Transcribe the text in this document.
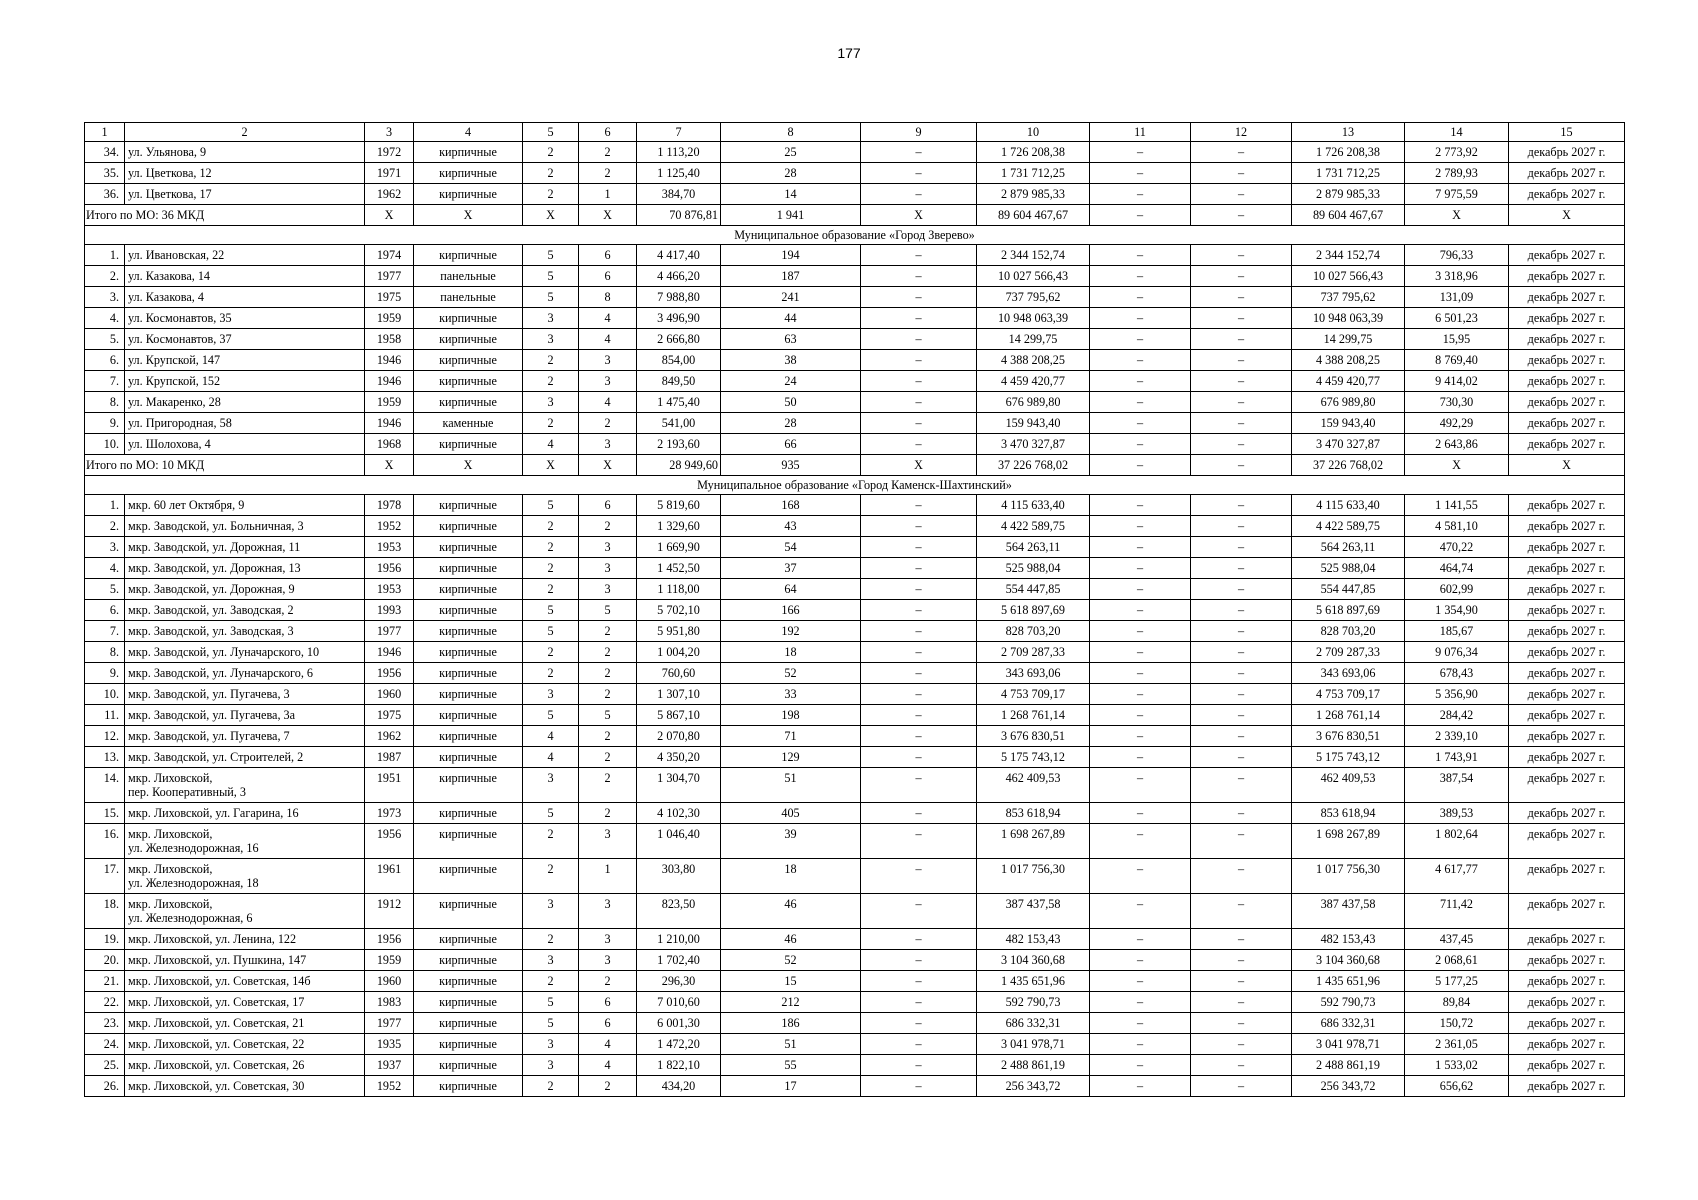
177
1	2	3	4	5	6	7	8	9	10	11	12	13	14	15
34.	ул. Ульянова, 9	1972	кирпичные	2	2	1 113,20	25	–	1 726 208,38	–	–	1 726 208,38	2 773,92	декабрь 2027 г.
35.	ул. Цветкова, 12	1971	кирпичные	2	2	1 125,40	28	–	1 731 712,25	–	–	1 731 712,25	2 789,93	декабрь 2027 г.
36.	ул. Цветкова, 17	1962	кирпичные	2	1	384,70	14	–	2 879 985,33	–	–	2 879 985,33	7 975,59	декабрь 2027 г.
Итого по МО: 36 МКД		X	X	X	X	70 876,81	1 941	X	89 604 467,67	–	–	89 604 467,67	X	X
Муниципальное образование «Город Зверево»														
1.	ул. Ивановская, 22	1974	кирпичные	5	6	4 417,40	194	–	2 344 152,74	–	–	2 344 152,74	796,33	декабрь 2027 г.
2.	ул. Казакова, 14	1977	панельные	5	6	4 466,20	187	–	10 027 566,43	–	–	10 027 566,43	3 318,96	декабрь 2027 г.
3.	ул. Казакова, 4	1975	панельные	5	8	7 988,80	241	–	737 795,62	–	–	737 795,62	131,09	декабрь 2027 г.
4.	ул. Космонавтов, 35	1959	кирпичные	3	4	3 496,90	44	–	10 948 063,39	–	–	10 948 063,39	6 501,23	декабрь 2027 г.
5.	ул. Космонавтов, 37	1958	кирпичные	3	4	2 666,80	63	–	14 299,75	–	–	14 299,75	15,95	декабрь 2027 г.
6.	ул. Крупской, 147	1946	кирпичные	2	3	854,00	38	–	4 388 208,25	–	–	4 388 208,25	8 769,40	декабрь 2027 г.
7.	ул. Крупской, 152	1946	кирпичные	2	3	849,50	24	–	4 459 420,77	–	–	4 459 420,77	9 414,02	декабрь 2027 г.
8.	ул. Макаренко, 28	1959	кирпичные	3	4	1 475,40	50	–	676 989,80	–	–	676 989,80	730,30	декабрь 2027 г.
9.	ул. Пригородная, 58	1946	каменные	2	2	541,00	28	–	159 943,40	–	–	159 943,40	492,29	декабрь 2027 г.
10.	ул. Шолохова, 4	1968	кирпичные	4	3	2 193,60	66	–	3 470 327,87	–	–	3 470 327,87	2 643,86	декабрь 2027 г.
Итого по МО: 10 МКД		X	X	X	X	28 949,60	935	X	37 226 768,02	–	–	37 226 768,02	X	X
Муниципальное образование «Город Каменск-Шахтинский»														
1.	мкр. 60 лет Октября, 9	1978	кирпичные	5	6	5 819,60	168	–	4 115 633,40	–	–	4 115 633,40	1 141,55	декабрь 2027 г.
2.	мкр. Заводской, ул. Больничная, 3	1952	кирпичные	2	2	1 329,60	43	–	4 422 589,75	–	–	4 422 589,75	4 581,10	декабрь 2027 г.
3.	мкр. Заводской, ул. Дорожная, 11	1953	кирпичные	2	3	1 669,90	54	–	564 263,11	–	–	564 263,11	470,22	декабрь 2027 г.
4.	мкр. Заводской, ул. Дорожная, 13	1956	кирпичные	2	3	1 452,50	37	–	525 988,04	–	–	525 988,04	464,74	декабрь 2027 г.
5.	мкр. Заводской, ул. Дорожная, 9	1953	кирпичные	2	3	1 118,00	64	–	554 447,85	–	–	554 447,85	602,99	декабрь 2027 г.
6.	мкр. Заводской, ул. Заводская, 2	1993	кирпичные	5	5	5 702,10	166	–	5 618 897,69	–	–	5 618 897,69	1 354,90	декабрь 2027 г.
7.	мкр. Заводской, ул. Заводская, 3	1977	кирпичные	5	2	5 951,80	192	–	828 703,20	–	–	828 703,20	185,67	декабрь 2027 г.
8.	мкр. Заводской, ул. Луначарского, 10	1946	кирпичные	2	2	1 004,20	18	–	2 709 287,33	–	–	2 709 287,33	9 076,34	декабрь 2027 г.
9.	мкр. Заводской, ул. Луначарского, 6	1956	кирпичные	2	2	760,60	52	–	343 693,06	–	–	343 693,06	678,43	декабрь 2027 г.
10.	мкр. Заводской, ул. Пугачева, 3	1960	кирпичные	3	2	1 307,10	33	–	4 753 709,17	–	–	4 753 709,17	5 356,90	декабрь 2027 г.
11.	мкр. Заводской, ул. Пугачева, 3а	1975	кирпичные	5	5	5 867,10	198	–	1 268 761,14	–	–	1 268 761,14	284,42	декабрь 2027 г.
12.	мкр. Заводской, ул. Пугачева, 7	1962	кирпичные	4	2	2 070,80	71	–	3 676 830,51	–	–	3 676 830,51	2 339,10	декабрь 2027 г.
13.	мкр. Заводской, ул. Строителей, 2	1987	кирпичные	4	2	4 350,20	129	–	5 175 743,12	–	–	5 175 743,12	1 743,91	декабрь 2027 г.
14.	мкр. Лиховской,
пер. Кооперативный, 3	1951	кирпичные	3	2	1 304,70	51	–	462 409,53	–	–	462 409,53	387,54	декабрь 2027 г.
15.	мкр. Лиховской, ул. Гагарина, 16	1973	кирпичные	5	2	4 102,30	405	–	853 618,94	–	–	853 618,94	389,53	декабрь 2027 г.
16.	мкр. Лиховской,
ул. Железнодорожная, 16	1956	кирпичные	2	3	1 046,40	39	–	1 698 267,89	–	–	1 698 267,89	1 802,64	декабрь 2027 г.
17.	мкр. Лиховской,
ул. Железнодорожная, 18	1961	кирпичные	2	1	303,80	18	–	1 017 756,30	–	–	1 017 756,30	4 617,77	декабрь 2027 г.
18.	мкр. Лиховской,
ул. Железнодорожная, 6	1912	кирпичные	3	3	823,50	46	–	387 437,58	–	–	387 437,58	711,42	декабрь 2027 г.
19.	мкр. Лиховской, ул. Ленина, 122	1956	кирпичные	2	3	1 210,00	46	–	482 153,43	–	–	482 153,43	437,45	декабрь 2027 г.
20.	мкр. Лиховской, ул. Пушкина, 147	1959	кирпичные	3	3	1 702,40	52	–	3 104 360,68	–	–	3 104 360,68	2 068,61	декабрь 2027 г.
21.	мкр. Лиховской, ул. Советская, 14б	1960	кирпичные	2	2	296,30	15	–	1 435 651,96	–	–	1 435 651,96	5 177,25	декабрь 2027 г.
22.	мкр. Лиховской, ул. Советская, 17	1983	кирпичные	5	6	7 010,60	212	–	592 790,73	–	–	592 790,73	89,84	декабрь 2027 г.
23.	мкр. Лиховской, ул. Советская, 21	1977	кирпичные	5	6	6 001,30	186	–	686 332,31	–	–	686 332,31	150,72	декабрь 2027 г.
24.	мкр. Лиховской, ул. Советская, 22	1935	кирпичные	3	4	1 472,20	51	–	3 041 978,71	–	–	3 041 978,71	2 361,05	декабрь 2027 г.
25.	мкр. Лиховской, ул. Советская, 26	1937	кирпичные	3	4	1 822,10	55	–	2 488 861,19	–	–	2 488 861,19	1 533,02	декабрь 2027 г.
26.	мкр. Лиховской, ул. Советская, 30	1952	кирпичные	2	2	434,20	17	–	256 343,72	–	–	256 343,72	656,62	декабрь 2027 г.
